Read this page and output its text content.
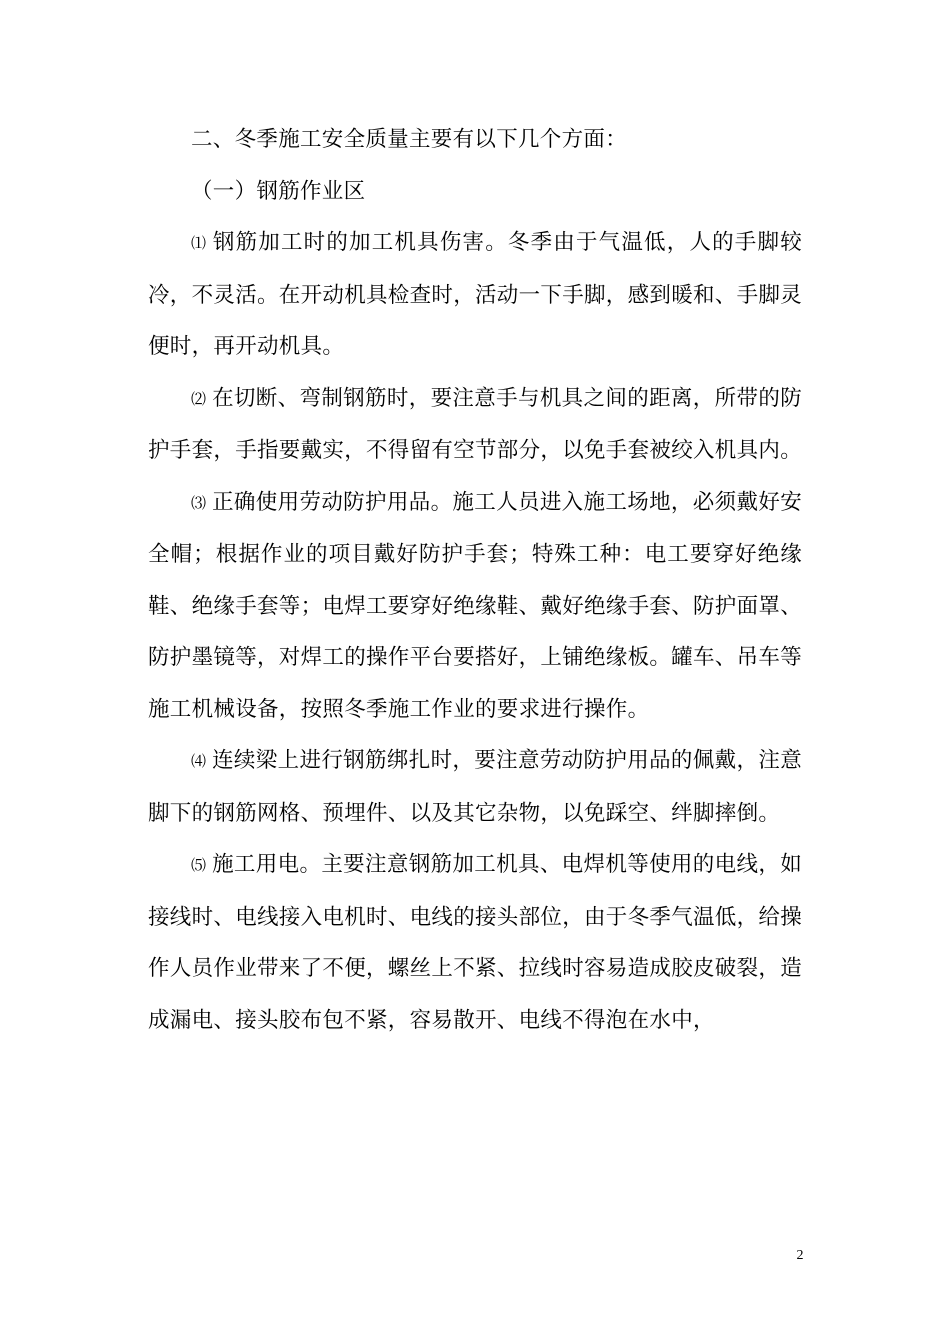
二、冬季施工安全质量主要有以下几个方面：

（一）钢筋作业区

⑴ 钢筋加工时的加工机具伤害。冬季由于气温低，人的手脚较冷，不灵活。在开动机具检查时，活动一下手脚，感到暖和、手脚灵便时，再开动机具。

⑵ 在切断、弯制钢筋时，要注意手与机具之间的距离，所带的防护手套，手指要戴实，不得留有空节部分，以免手套被绞入机具内。

⑶ 正确使用劳动防护用品。施工人员进入施工场地，必须戴好安全帽；根据作业的项目戴好防护手套；特殊工种：电工要穿好绝缘鞋、绝缘手套等；电焊工要穿好绝缘鞋、戴好绝缘手套、防护面罩、防护墨镜等，对焊工的操作平台要搭好，上铺绝缘板。罐车、吊车等施工机械设备，按照冬季施工作业的要求进行操作。

⑷ 连续梁上进行钢筋绑扎时，要注意劳动防护用品的佩戴，注意脚下的钢筋网格、预埋件、以及其它杂物，以免踩空、绊脚摔倒。

⑸ 施工用电。主要注意钢筋加工机具、电焊机等使用的电线，如接线时、电线接入电机时、电线的接头部位，由于冬季气温低，给操作人员作业带来了不便，螺丝上不紧、拉线时容易造成胶皮破裂，造成漏电、接头胶布包不紧，容易散开、电线不得泡在水中，

2
